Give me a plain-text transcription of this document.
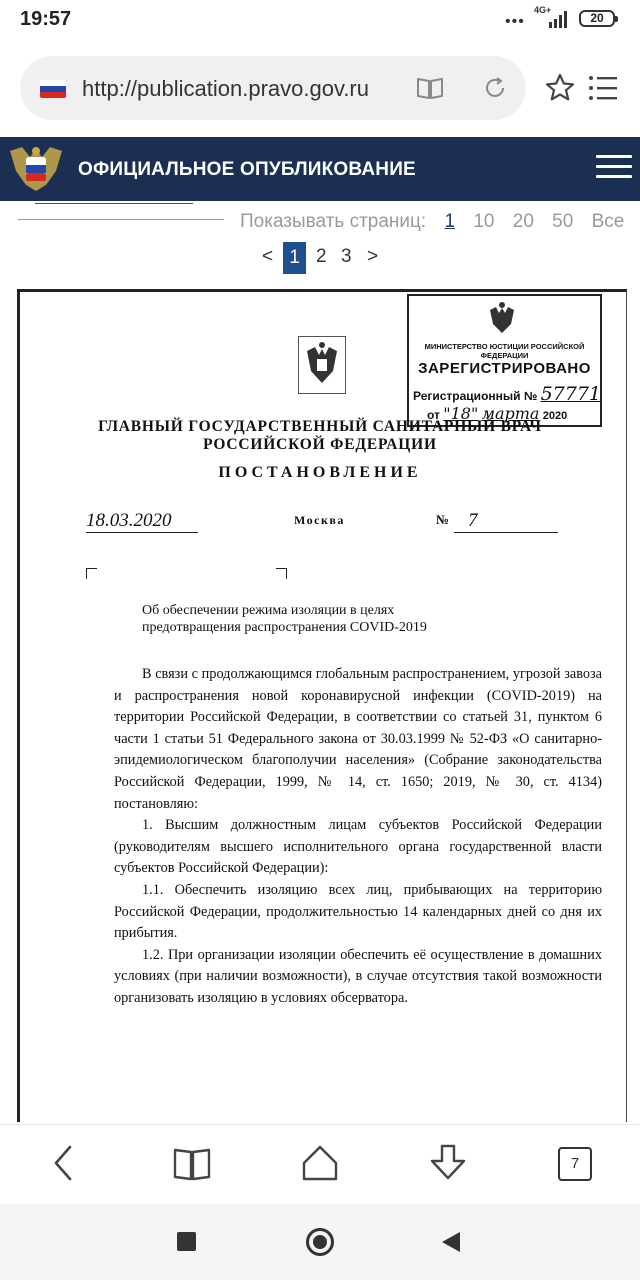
19:57	•••
4G+
20
http://publication.pravo.gov.ru
ОФИЦИАЛЬНОЕ ОПУБЛИКОВАНИЕ
Показывать страниц: 1 10 20 50 Все
< 1 2 3 >
МИНИСТЕРСТВО ЮСТИЦИИ РОССИЙСКОЙ ФЕДЕРАЦИИ
ЗАРЕГИСТРИРОВАНО
Регистрационный № 57771
от "18" марта 2020
ГЛАВНЫЙ ГОСУДАРСТВЕННЫЙ САНИТАРНЫЙ ВРАЧ РОССИЙСКОЙ ФЕДЕРАЦИИ
ПОСТАНОВЛЕНИЕ
18.03.2020	Москва	№ 7
Об обеспечении режима изоляции в целях предотвращения распространения COVID-2019

В связи с продолжающимся глобальным распространением, угрозой завоза и распространения новой коронавирусной инфекции (COVID-2019) на территории Российской Федерации, в соответствии со статьей 31, пунктом 6 части 1 статьи 51 Федерального закона от 30.03.1999 № 52-ФЗ «О санитарно- эпидемиологическом благополучии населения» (Собрание законодательства Российской Федерации, 1999, № 14, ст. 1650; 2019, № 30, ст. 4134) постановляю:

1. Высшим должностным лицам субъектов Российской Федерации (руководителям высшего исполнительного органа государственной власти субъектов Российской Федерации):

1.1. Обеспечить изоляцию всех лиц, прибывающих на территорию Российской Федерации, продолжительностью 14 календарных дней со дня их прибытия.

1.2. При организации изоляции обеспечить её осуществление в домашних условиях (при наличии возможности), в случае отсутствия такой возможности организовать изоляцию в условиях обсерватора.

7
